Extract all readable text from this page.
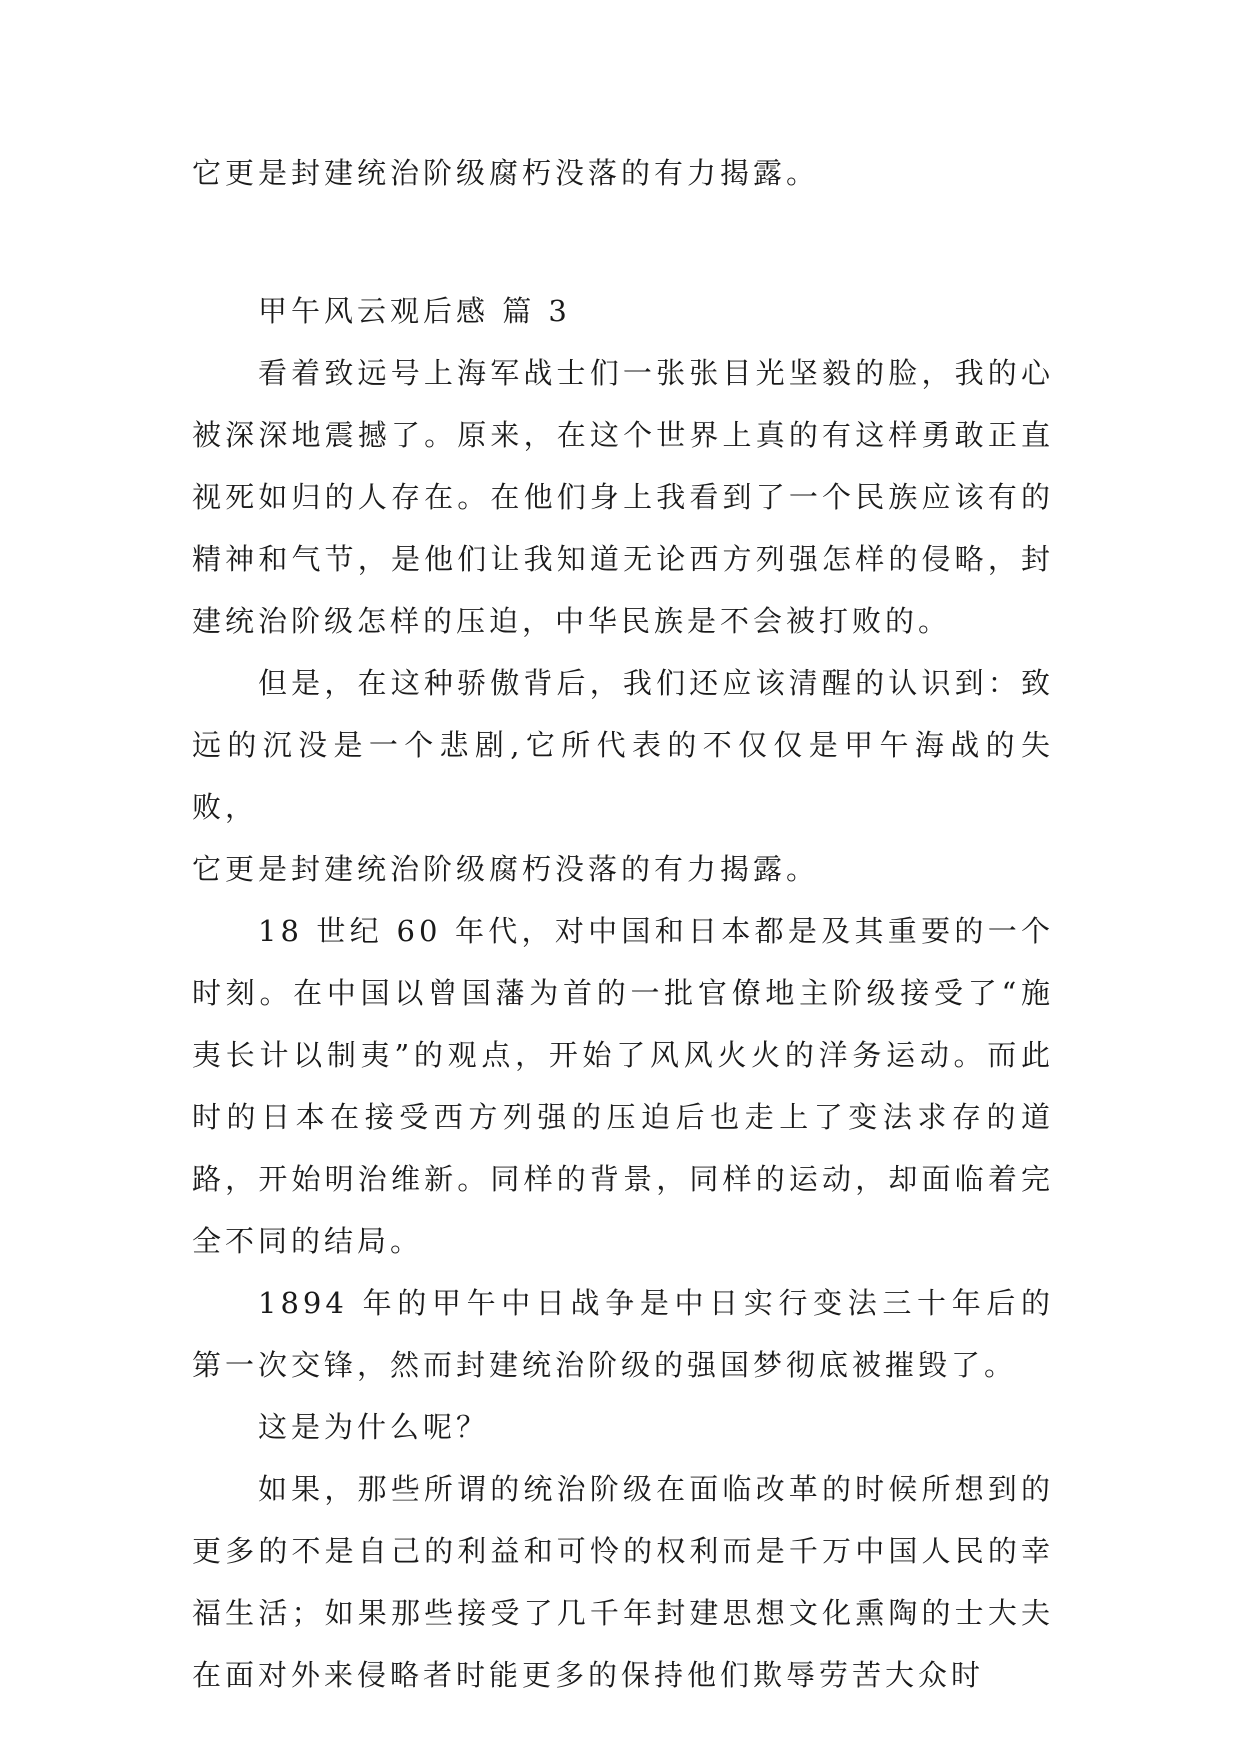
它更是封建统治阶级腐朽没落的有力揭露。

甲午风云观后感 篇 3

看着致远号上海军战士们一张张目光坚毅的脸，我的心被深深地震撼了。原来，在这个世界上真的有这样勇敢正直视死如归的人存在。在他们身上我看到了一个民族应该有的精神和气节，是他们让我知道无论西方列强怎样的侵略，封建统治阶级怎样的压迫，中华民族是不会被打败的。

但是，在这种骄傲背后，我们还应该清醒的认识到：致远的沉没是一个悲剧,它所代表的不仅仅是甲午海战的失败，

它更是封建统治阶级腐朽没落的有力揭露。

18 世纪 60 年代，对中国和日本都是及其重要的一个时刻。在中国以曾国藩为首的一批官僚地主阶级接受了“施夷长计以制夷”的观点，开始了风风火火的洋务运动。而此时的日本在接受西方列强的压迫后也走上了变法求存的道路，开始明治维新。同样的背景，同样的运动，却面临着完全不同的结局。

1894 年的甲午中日战争是中日实行变法三十年后的第一次交锋，然而封建统治阶级的强国梦彻底被摧毁了。

这是为什么呢？

如果，那些所谓的统治阶级在面临改革的时候所想到的更多的不是自己的利益和可怜的权利而是千万中国人民的幸福生活；如果那些接受了几千年封建思想文化熏陶的士大夫在面对外来侵略者时能更多的保持他们欺辱劳苦大众时
